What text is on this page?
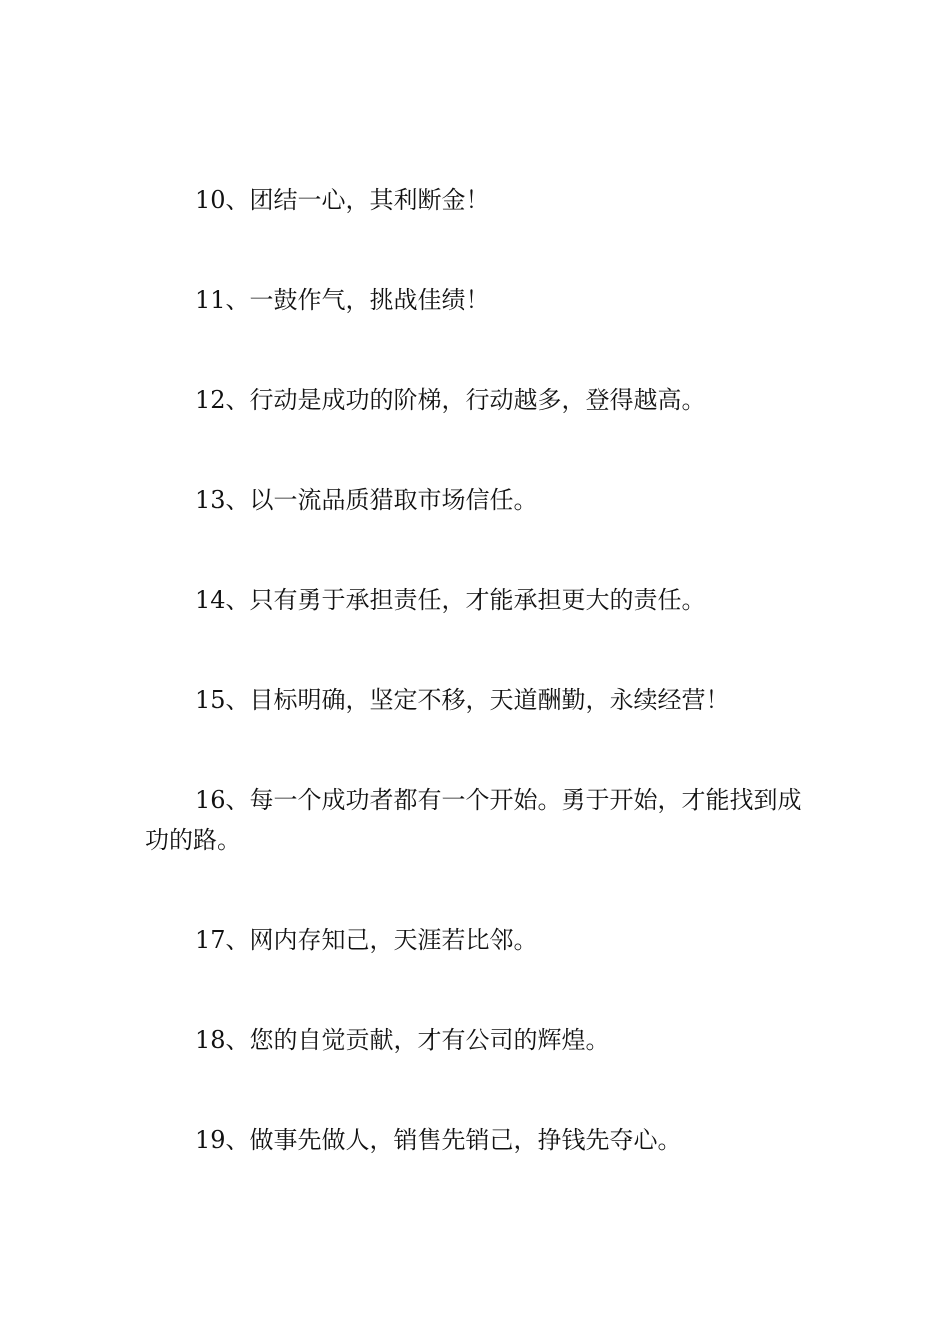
10、团结一心，其利断金！

11、一鼓作气，挑战佳绩！

12、行动是成功的阶梯，行动越多，登得越高。

13、以一流品质猎取市场信任。

14、只有勇于承担责任，才能承担更大的责任。

15、目标明确，坚定不移，天道酬勤，永续经营！

16、每一个成功者都有一个开始。勇于开始，才能找到成功的路。

17、网内存知己，天涯若比邻。

18、您的自觉贡献，才有公司的辉煌。

19、做事先做人，销售先销己，挣钱先夺心。
